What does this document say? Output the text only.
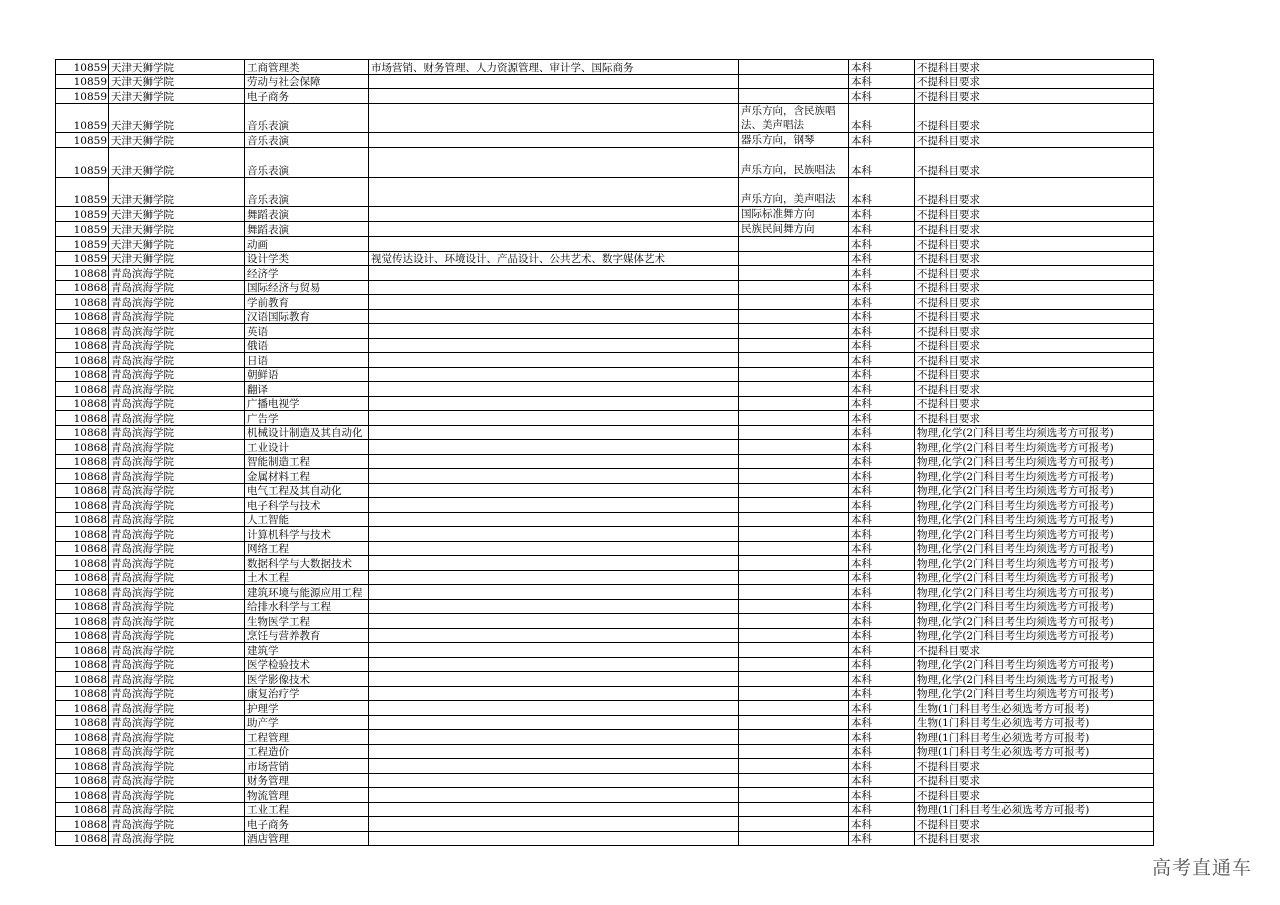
10859	天津天狮学院	工商管理类	市场营销、财务管理、人力资源管理、审计学、国际商务		本科	不提科目要求
10859	天津天狮学院	劳动与社会保障			本科	不提科目要求
10859	天津天狮学院	电子商务			本科	不提科目要求
10859	天津天狮学院	音乐表演		声乐方向，含民族唱法、美声唱法	本科	不提科目要求
10859	天津天狮学院	音乐表演		器乐方向，钢琴	本科	不提科目要求
10859	天津天狮学院	音乐表演		声乐方向，民族唱法	本科	不提科目要求
10859	天津天狮学院	音乐表演		声乐方向，美声唱法	本科	不提科目要求
10859	天津天狮学院	舞蹈表演		国际标准舞方向	本科	不提科目要求
10859	天津天狮学院	舞蹈表演		民族民间舞方向	本科	不提科目要求
10859	天津天狮学院	动画			本科	不提科目要求
10859	天津天狮学院	设计学类	视觉传达设计、环境设计、产品设计、公共艺术、数字媒体艺术		本科	不提科目要求
10868	青岛滨海学院	经济学			本科	不提科目要求
10868	青岛滨海学院	国际经济与贸易			本科	不提科目要求
10868	青岛滨海学院	学前教育			本科	不提科目要求
10868	青岛滨海学院	汉语国际教育			本科	不提科目要求
10868	青岛滨海学院	英语			本科	不提科目要求
10868	青岛滨海学院	俄语			本科	不提科目要求
10868	青岛滨海学院	日语			本科	不提科目要求
10868	青岛滨海学院	朝鲜语			本科	不提科目要求
10868	青岛滨海学院	翻译			本科	不提科目要求
10868	青岛滨海学院	广播电视学			本科	不提科目要求
10868	青岛滨海学院	广告学			本科	不提科目要求
10868	青岛滨海学院	机械设计制造及其自动化			本科	物理,化学(2门科目考生均须选考方可报考)
10868	青岛滨海学院	工业设计			本科	物理,化学(2门科目考生均须选考方可报考)
10868	青岛滨海学院	智能制造工程			本科	物理,化学(2门科目考生均须选考方可报考)
10868	青岛滨海学院	金属材料工程			本科	物理,化学(2门科目考生均须选考方可报考)
10868	青岛滨海学院	电气工程及其自动化			本科	物理,化学(2门科目考生均须选考方可报考)
10868	青岛滨海学院	电子科学与技术			本科	物理,化学(2门科目考生均须选考方可报考)
10868	青岛滨海学院	人工智能			本科	物理,化学(2门科目考生均须选考方可报考)
10868	青岛滨海学院	计算机科学与技术			本科	物理,化学(2门科目考生均须选考方可报考)
10868	青岛滨海学院	网络工程			本科	物理,化学(2门科目考生均须选考方可报考)
10868	青岛滨海学院	数据科学与大数据技术			本科	物理,化学(2门科目考生均须选考方可报考)
10868	青岛滨海学院	土木工程			本科	物理,化学(2门科目考生均须选考方可报考)
10868	青岛滨海学院	建筑环境与能源应用工程			本科	物理,化学(2门科目考生均须选考方可报考)
10868	青岛滨海学院	给排水科学与工程			本科	物理,化学(2门科目考生均须选考方可报考)
10868	青岛滨海学院	生物医学工程			本科	物理,化学(2门科目考生均须选考方可报考)
10868	青岛滨海学院	烹饪与营养教育			本科	物理,化学(2门科目考生均须选考方可报考)
10868	青岛滨海学院	建筑学			本科	不提科目要求
10868	青岛滨海学院	医学检验技术			本科	物理,化学(2门科目考生均须选考方可报考)
10868	青岛滨海学院	医学影像技术			本科	物理,化学(2门科目考生均须选考方可报考)
10868	青岛滨海学院	康复治疗学			本科	物理,化学(2门科目考生均须选考方可报考)
10868	青岛滨海学院	护理学			本科	生物(1门科目考生必须选考方可报考)
10868	青岛滨海学院	助产学			本科	生物(1门科目考生必须选考方可报考)
10868	青岛滨海学院	工程管理			本科	物理(1门科目考生必须选考方可报考)
10868	青岛滨海学院	工程造价			本科	物理(1门科目考生必须选考方可报考)
10868	青岛滨海学院	市场营销			本科	不提科目要求
10868	青岛滨海学院	财务管理			本科	不提科目要求
10868	青岛滨海学院	物流管理			本科	不提科目要求
10868	青岛滨海学院	工业工程			本科	物理(1门科目考生必须选考方可报考)
10868	青岛滨海学院	电子商务			本科	不提科目要求
10868	青岛滨海学院	酒店管理			本科	不提科目要求
高考直通车
